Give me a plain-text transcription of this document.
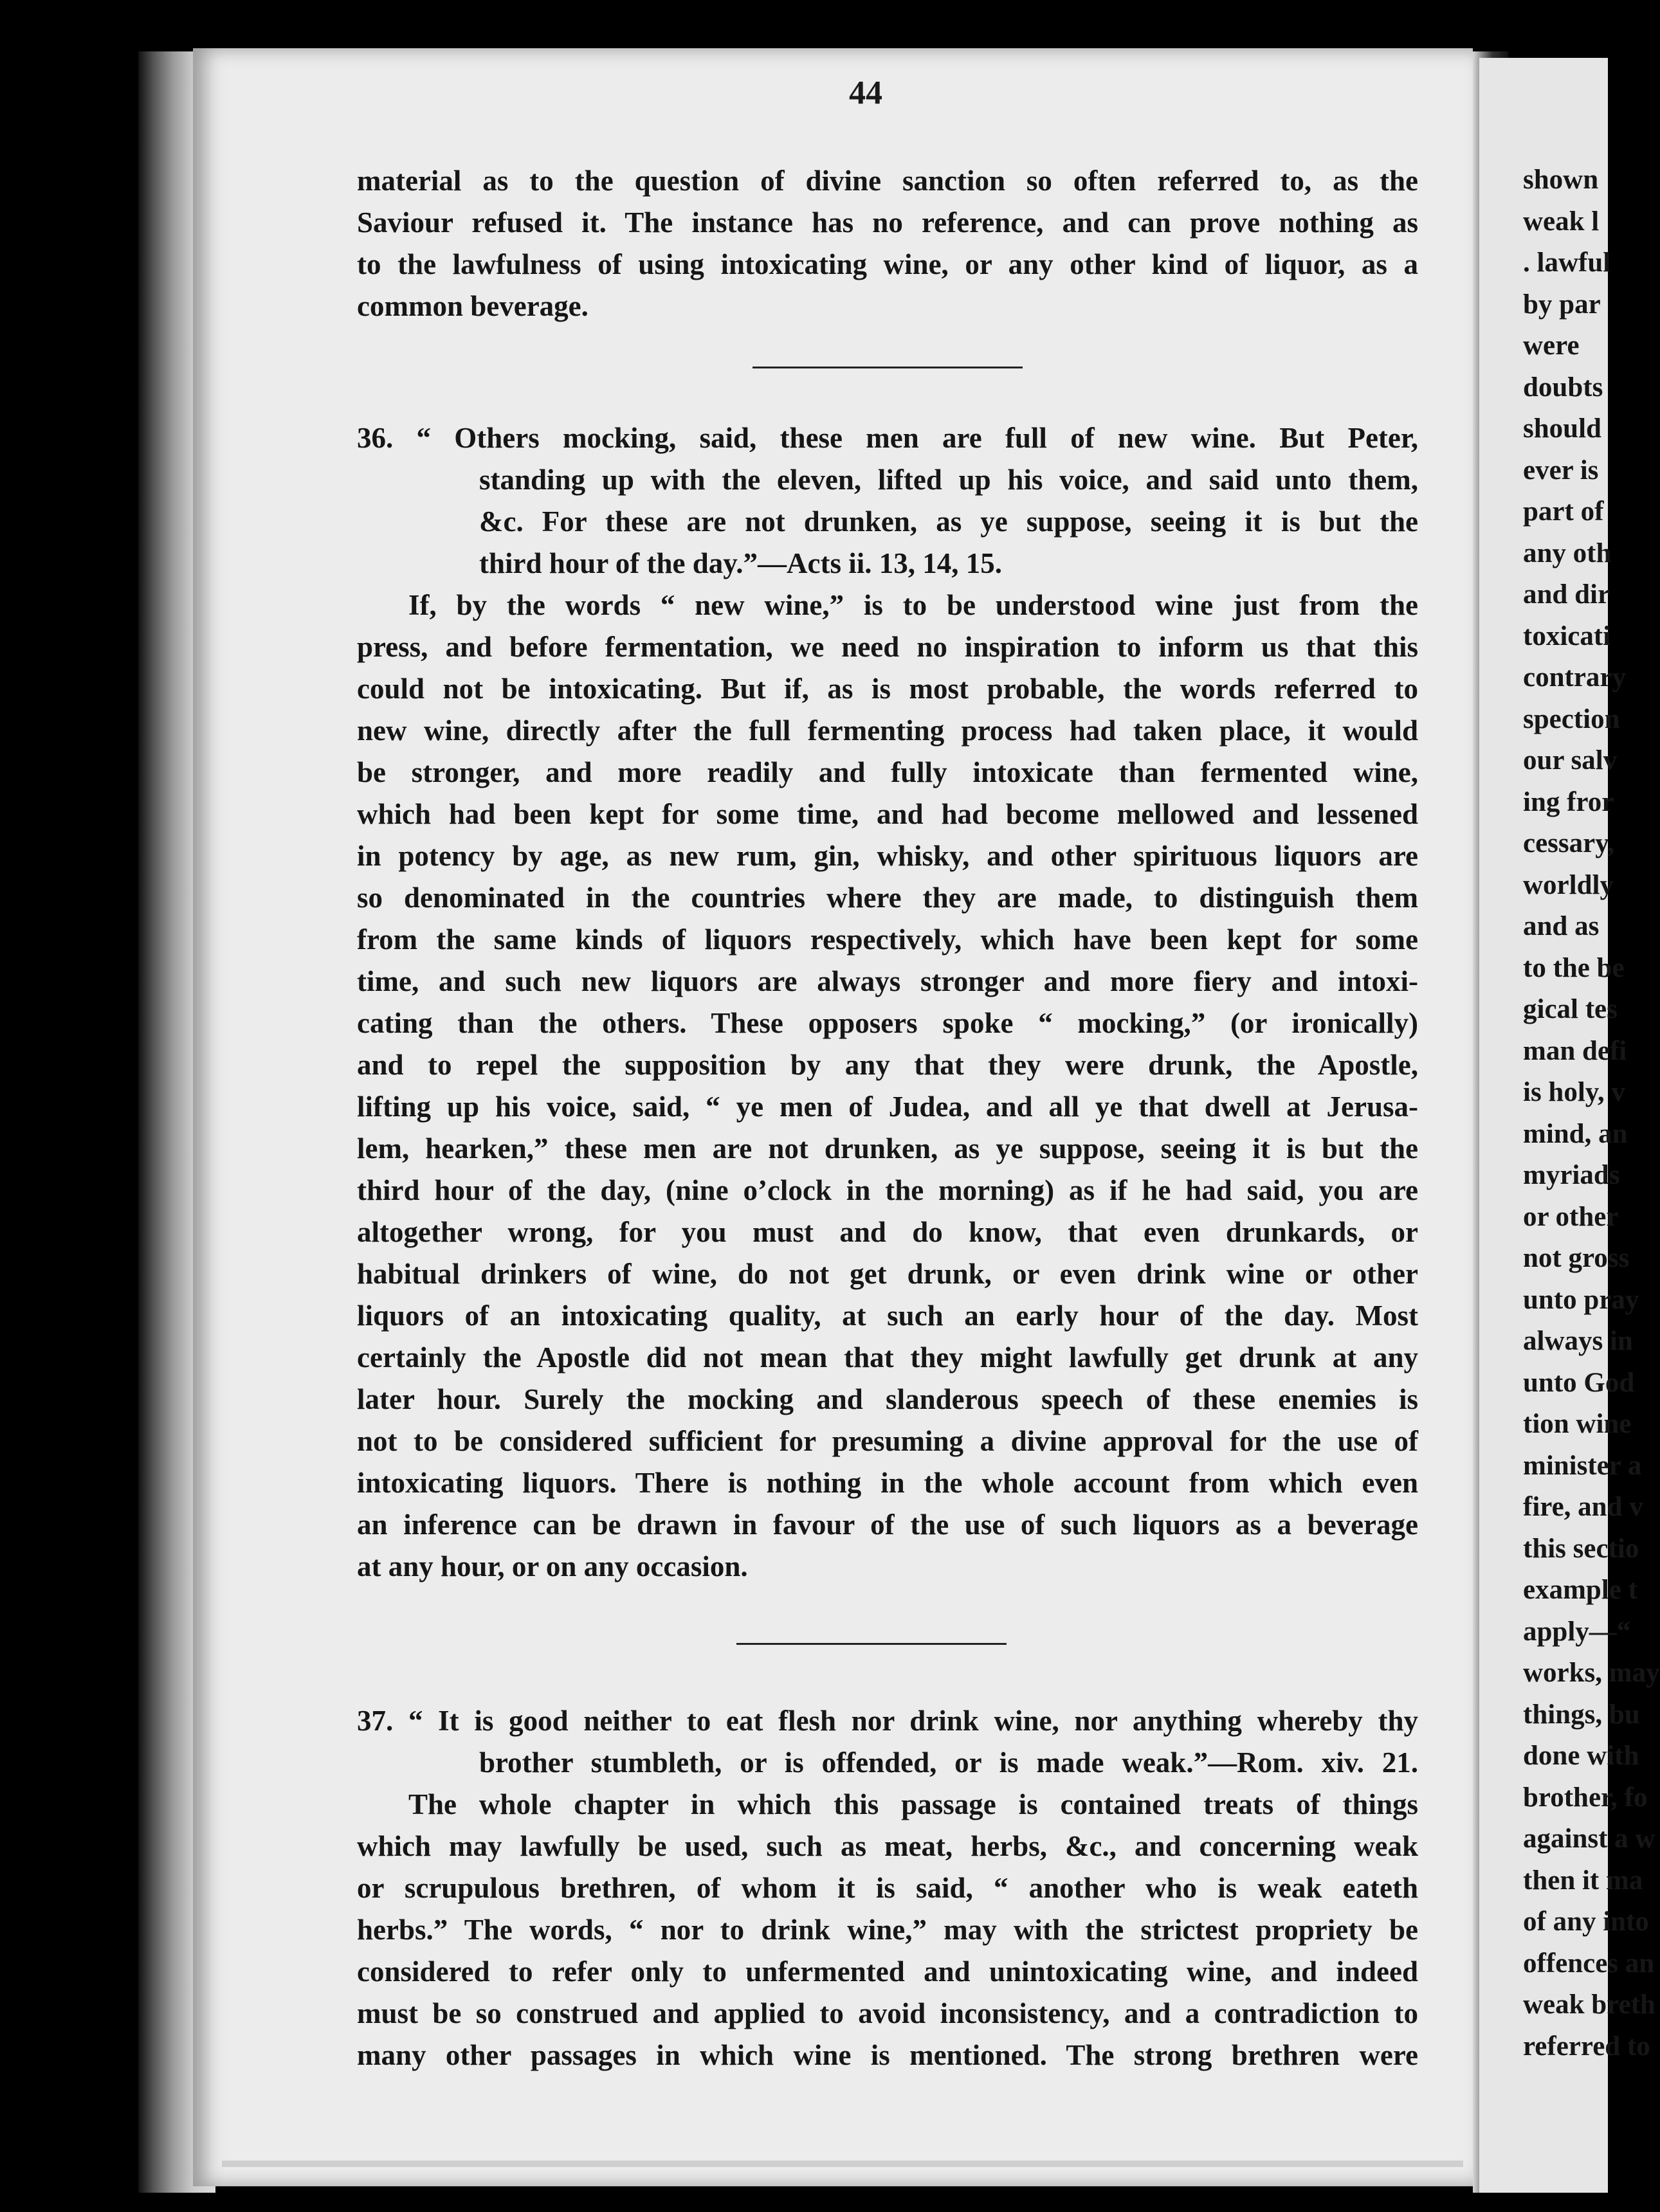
shown
weak l
. lawful
by par
were
doubts
should
ever is
part of
any oth
and dir
toxicati
contrary
spection
our salv
ing fror
cessary,
worldly
and as
to the be
gical tes
man defi
is holy, v
mind, an
myriads
or other
not gross
unto pray
always in
unto God
tion wine
minister a
fire, and v
this sectio
example t
apply—“
works, may
things, bu
done with
brother, fo
against a w
then it ma
of any into
offences an
weak breth
referred to
44
material as to the question of divine sanction so often referred to, as the
Saviour refused it. The instance has no reference, and can prove nothing as
to the lawfulness of using intoxicating wine, or any other kind of liquor, as a
common beverage.
36. “ Others mocking, said, these men are full of new wine. But Peter,
standing up with the eleven, lifted up his voice, and said unto them,
&c. For these are not drunken, as ye suppose, seeing it is but the
third hour of the day.”—Acts ii. 13, 14, 15.
If, by the words “ new wine,” is to be understood wine just from the
press, and before fermentation, we need no inspiration to inform us that this
could not be intoxicating. But if, as is most probable, the words referred to
new wine, directly after the full fermenting process had taken place, it would
be stronger, and more readily and fully intoxicate than fermented wine,
which had been kept for some time, and had become mellowed and lessened
in potency by age, as new rum, gin, whisky, and other spirituous liquors are
so denominated in the countries where they are made, to distinguish them
from the same kinds of liquors respectively, which have been kept for some
time, and such new liquors are always stronger and more fiery and intoxi-
cating than the others. These opposers spoke “ mocking,” (or ironically)
and to repel the supposition by any that they were drunk, the Apostle,
lifting up his voice, said, “ ye men of Judea, and all ye that dwell at Jerusa-
lem, hearken,” these men are not drunken, as ye suppose, seeing it is but the
third hour of the day, (nine o’clock in the morning) as if he had said, you are
altogether wrong, for you must and do know, that even drunkards, or
habitual drinkers of wine, do not get drunk, or even drink wine or other
liquors of an intoxicating quality, at such an early hour of the day. Most
certainly the Apostle did not mean that they might lawfully get drunk at any
later hour. Surely the mocking and slanderous speech of these enemies is
not to be considered sufficient for presuming a divine approval for the use of
intoxicating liquors. There is nothing in the whole account from which even
an inference can be drawn in favour of the use of such liquors as a beverage
at any hour, or on any occasion.
37. “ It is good neither to eat flesh nor drink wine, nor anything whereby thy
brother stumbleth, or is offended, or is made weak.”—Rom. xiv. 21.
The whole chapter in which this passage is contained treats of things
which may lawfully be used, such as meat, herbs, &c., and concerning weak
or scrupulous brethren, of whom it is said, “ another who is weak eateth
herbs.” The words, “ nor to drink wine,” may with the strictest propriety be
considered to refer only to unfermented and unintoxicating wine, and indeed
must be so construed and applied to avoid inconsistency, and a contradiction to
many other passages in which wine is mentioned. The strong brethren were
